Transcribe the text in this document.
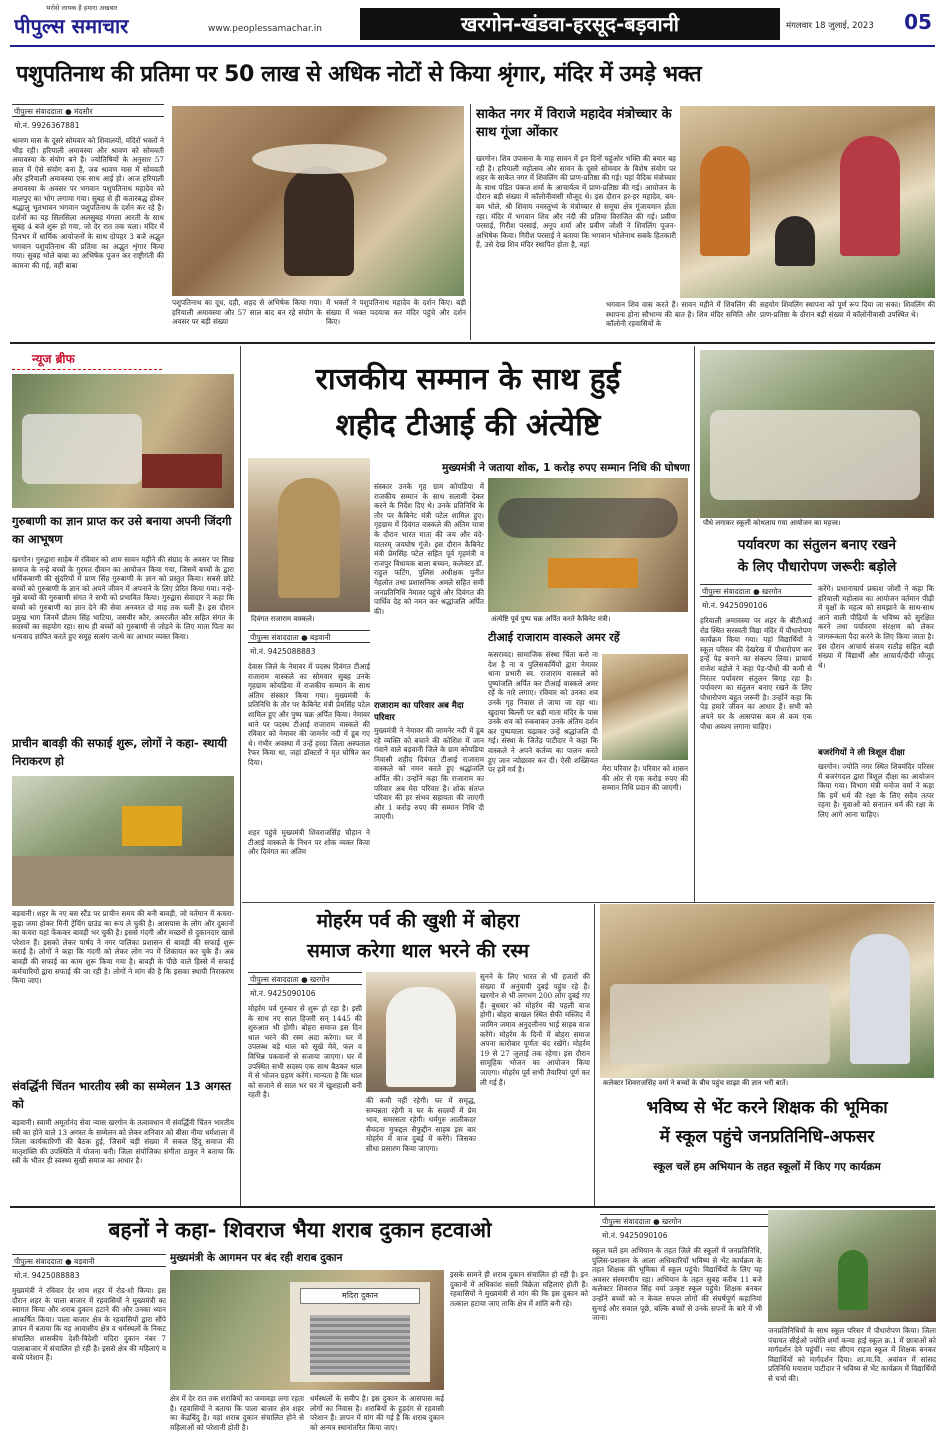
पीपुल्स समाचार
भरोसे लायक है हमारा अखबार
www.peoplessamachar.in	खरगोन-खंडवा-हरसूद-बड़वानी	मंगलवार 18 जुलाई, 2023	05
पशुपतिनाथ की प्रतिमा पर 50 लाख से अधिक नोटों से किया श्रृंगार, मंदिर में उमड़े भक्त
पीपुल्स संवाददाता ● मंदसौर
मो.नं. 9926367881
श्रावण मास के दूसरे सोमवार को शिवालयों, मंदिरों भक्तों ने भीड़ रही। हरियाली अमावस्या और श्रावण को सोमवती अमावस्या के संयोग बने है। ज्योतिषियों के अनुसार 57 साल में ऐसे संयोग बना है, जब श्रावण मास में सोमवती और हरियाली अमावस्या एक साथ आई हो। आज हरियाली अमावस्या के अवसर पर भगवान पशुपतिनाथ महादेव को मालपुए का भोग लगाया गया। सुबह से ही कतारबद्ध होकर श्रद्धालु भूतभावन भगवान पशुपतिनाथ के दर्शन कर रहे है। दर्शनों का यह सिलसिला अलसुबह मंगला आरती के साथ सुबह 4 बजे शुरू हो गया, जो देर रात तक चला। मंदिर में दिनभर में धार्मिक आयोजनों के साथ दोपहर 3 बजे अद्भुत भगवान पशुपतिनाथ की प्रतिमा का अद्भुत शृंगार किया गया। सुबह भोले बाबा का अभिषेक पूजन कर राष्ट्रीगंती की कामना की गई, वहीं बाबा
पशुपतिनाथ का दूध, दही, शहद से अभिषेक किया गया। हरियाली अमावस्या और 57 साल बाद बन रहे संयोग के अवसर पर बड़ी संख्या
में भक्तों ने पशुपतिनाथ महादेव के दर्शन किए। बड़ी संख्या में भक्त पदयात्रा कर मंदिर पहुंचे और दर्शन किए।
साकेत नगर में विराजे महादेव मंत्रोच्चार के साथ गूंजा ओंकार
खरगोन। शिव उपासना के माह सावन में इन दिनों चहुंओर भक्ति की बयार बह रही है। हरियाली महोत्सव और सावन के दूसरे सोमवार के विशेष संयोग पर शहर के साकेत नगर में शिवलिंग की प्राण-प्रतिष्ठा की गई। यहां वैदिक मंत्रोच्चार के साथ पंडित पंकज शर्मा के आचार्यत्व में प्राण-प्रतिष्ठा की गई। आयोजन के दौरान बड़ी संख्या में कॉलोनीवासी मौजूद थे। इस दौरान हर-हर महादेव, बम-बम भोले, श्री शिवाय नमस्तुभ्यं के मंत्रोच्चार से समूचा क्षेत्र गूंजायमान होता रहा। मंदिर में भगवान शिव और नंदी की प्रतिमा विराजित की गई। प्रवीण परसाई, गिरीश परसाई, अनूप शर्मा और प्रवीण जोशी ने शिवलिंग पूजन-अभिषेक किया। गिरीश परसाई ने बताया कि भगवान भोलेनाथ सबके हितकारी हैं, उसे देख शिव मंदिर स्थापित होता है, वहां
भगवान शिव वास करते हैं। सावन महीने में शिवलिंग की स्थापना होना सौभाग्य की बात है। शिव मंदिर समिति और कॉलोनी रहवासियों के
सहयोग शिवलिंग स्थापना को पूर्ण रूप दिया जा सका। शिवलिंग की प्राण-प्रतिष्ठा के दौरान बड़ी संख्या में कॉलोनीवासी उपस्थित थे।
न्यूज ब्रीफ
गुरुबाणी का ज्ञान प्राप्त कर उसे बनाया अपनी जिंदगी का आभूषण
खरगोन। गुरुद्वारा साहेब में रविवार को शाम सावन महीने की संग्राद के अवसर पर सिख समाज के नन्हे बच्चों के गुरमत दीवान का आयोजन किया गया, जिसमें बच्चों के द्वारा धर्मिकबाणी की सुंदरियों में प्राण सिंह गुरुबाणी के ज्ञान को प्रस्तुत किया। सबसे छोटे बच्चों को गुरुबाणी के ज्ञान को अपने जीवन में अपनाने के लिए प्रेरित किया गया। नन्हे-मुन्ने बच्चों की गुरुबाणी संगत ने सभी को प्रभावित किया। गुरुद्वारा सेवादार ने कहा कि बच्चों को गुरुबाणी का ज्ञान देने की सेवा अनवरत दो माह तक चली है। इस दौरान प्रमुख भाग जिनमें प्रीतम सिंह भाटिया, जसवीर कौर, अमरजीत कौर सहित संगत के सदस्यों का सहयोग रहा। साथ ही बच्चों को गुरुबाणी से जोड़ने के लिए माता पिता का धन्यवाद ज्ञापित करते हुए समूह सत्संग जत्थे का आभार व्यक्त किया।
प्राचीन बावड़ी की सफाई शुरू, लोगों ने कहा- स्थायी निराकरण हो
बड़वानी। शहर के नए बस स्टैंड पर प्राचीन समय की बनी बावड़ी, जो वर्तमान में कचरा-कूड़ा जमा होकर मिनी ट्रेंचिंग ग्राउंड का रूप ले चुकी है। आसपास के लोग और दुकानों का कचरा यहां फेंककर बावड़ी भर चुकी है। इससे गंदगी और मच्छरों से दुकानदार खासे परेशान हैं। इसको लेकर पार्षद ने नगर पालिका प्रशासन से बावड़ी की सफाई शुरू कराई है। लोगों ने कहा कि गंदगी को लेकर लोग नप में शिकायत कर चुके हैं। अब बावड़ी की सफाई का काम शुरू किया गया है। बावड़ी के पीछे वाले हिस्से में सफाई कर्मचारियों द्वारा सफाई की जा रही है। लोगों ने मांग की है कि इसका स्थायी निराकरण किया जाए।
संवर्द्धिनी चिंतन भारतीय स्त्री का सम्मेलन 13 अगस्त को
बड़वानी। स्वामी अमूर्तानंद सेवा न्यास खरगोन के तत्वावधान में संवर्द्धिनी चिंतन भारतीय स्त्री का होने वाले 13 अगस्त के सम्मेलन को लेकर शनिवार को बीसा नीमा धर्मशाला में जिला कार्यकारिणी की बैठक हुई, जिसमें बड़ी संख्या में सकल हिंदू समाज की मातृशक्ति की उपस्थिति में योजना बनी। जिला संयोजिका संगीता ठाकुर ने बताया कि स्त्री के भीतर ही स्वस्थ्य सुखी समाज का आधार है।
राजकीय सम्मान के साथ हुई
शहीद टीआई की अंत्येष्टि
दिवंगत राजाराम वास्कले।
मुख्यमंत्री ने जताया शोक, 1 करोड़ रुपए सम्मान निधि की घोषणा
संस्कार उनके गृह ग्राम कोयडिया में राजकीय सम्मान के साथ सलामी देकर करने के निर्देश दिए थे। उनके प्रतिनिधि के तौर पर कैबिनेट मंत्री पटेल शामिल हुए। गृहग्राम में दिवंगत वास्कले की अंतिम यात्रा के दौरान भारत माता की जय और वंदे-मातरम् जयघोष गूंजे। इस दौरान कैबिनेट मंत्री प्रेमसिंह पटेल सहित पूर्व गृहमंत्री व राजपुर विधायक बाला बच्चन, कलेक्टर डॉ. राहुल फटिंग, पुलिस अधीक्षक पुनीत गेहलोत तथा प्रशासनिक अमले सहित समी जनप्रतिनिधि नेमावर पहुंचे और दिवंगत की पार्थिव देह को नमन कर श्रद्धांजलि अर्पित की।
अंत्येष्टि पूर्व पुष्प चक्र अर्पित करते कैबिनेट मंत्री।
पीपुल्स संवाददाता ● बड़वानी
मो.नं. 9425088883
देवास जिले के नेमावर में पदस्थ दिवंगत टीआई राजाराम वास्कले का सोमवार सुबह उनके गृहग्राम कोयडिया में राजकीय सम्मान के साथ अंतिम संस्कार किया गया। मुख्यमंत्री के प्रतिनिधि के तौर पर कैबिनेट मंत्री प्रेमसिंह पटेल शामिल हुए और पुष्प चक्र अर्पित किया। नेमावर थाने पर पदस्थ टीआई राजाराम वास्कले की रविवार को नेमावर की जामनेर नदी में डूब गए थे। गंभीर अवस्था में उन्हें हरदा जिला अस्पताल रैफर किया था, जहां डॉक्टरों ने मृत घोषित कर दिया।
शहर पहुंचे मुख्यमंत्री शिवराजसिंह चौहान ने टीआई वास्कले के निधन पर शोक व्यक्त किया और दिवंगत का अंतिम
राजाराम का परिवार अब मैदा परिवार
मुख्यमंत्री ने नेमावर की जामनेर नदी में डूब रहे व्यक्ति को बचाने की कोशिश में जान गंवाने वाले बड़वानी जिले के ग्राम कोयडिया निवासी शहीद दिवंगत टीआई राजाराम वास्कले को नमन करते हुए श्रद्धांजलि अर्पित की। उन्होंने कहा कि राजाराम का परिवार अब मेरा परिवार है। शोक संतप्त परिवार की हर संभव सहायता की जाएगी और 1 करोड़ रुपए की सम्मान निधि दी जाएगी।
टीआई राजाराम वास्कले अमर रहें
कसरावद। सामाजिक संस्था चिंता करो ना देश है ना व पुलिसकर्मियों द्वारा नेमावर थाना प्रभारी स्व. राजाराम वास्कले को पुष्पांजलि अर्पित कर टीआई वास्कले अमर रहें के नारे लगाए। रविवार को उनका शव उनके गृह निवास ले जाया जा रहा था। खुदाया बिल्ली पर बड़ी माता मंदिर के पास उनके शव को रुकवाकर उनके अंतिम दर्शन कर पुष्पमाला चढ़ाकर उन्हें श्रद्धांजलि दी गई। संस्था के जितेंद्र पाटीदार ने कहा कि वास्कले ने अपने कर्तव्य का पालन करते हुए जान न्योछावर कर दी। ऐसी शख्सियत पर हमें गर्व है।	मेरा परिवार है। परिवार को शासन की ओर से एक करोड़ रुपए की सम्मान निधि प्रदान की जाएगी।
पौधे लगाकर स्कूली कोथलाय गया आयोजन का महत्त्व।
पर्यावरण का संतुलन बनाए रखने
के लिए पौधारोपण जरूरीः बड़ोले
पीपुल्स संवाददाता ● खरगोन
मो.नं. 9425090106
हरियाली अमावस्या पर शहर के बीटीआई रोड स्थित सरस्वती विद्या मंदिर में पौधारोपण कार्यक्रम किया गया। यहां विद्यार्थियों ने स्कूल परिसर की देखरेख में पौधारोपण कर इन्हें पेड़ बनाने का संकल्प लिया। प्राचार्य राजेश बड़ोले ने कहा पेड़-पौधों की कमी से निरंतर पर्यावरण संतुलन बिगड़ रहा है। पर्यावरण का संतुलन बनाए रखने के लिए पौधारोपण बहुत जरूरी है। उन्होंने कहा कि पेड़ हमारे जीवन का आधार हैं। सभी को अपने घर के आसपास कम से कम एक पौधा अवश्य लगाना चाहिए।
करेंगे। प्रधानाचार्य प्रकाश जोशी ने कहा कि हरियाली महोत्सव का आयोजन वर्तमान पीढ़ी में वृक्षों के महत्व को समझाने के साथ-साथ आने वाली पीढ़ियों के भविष्य को सुरक्षित करने तथा पर्यावरण संरक्षण को लेकर जागरूकता पैदा करने के लिए किया जाता है। इस दौरान आचार्य संजय राठौड़ सहित बड़ी संख्या में विद्यार्थी और आचार्य/दीदी मौजूद थे।
बजरंगियों ने ली त्रिशूल दीक्षा
खरगोन। ज्योति नगर स्थित शिवमंदिर परिसर में बजरंगदल द्वारा त्रिशूल दीक्षा का आयोजन किया गया। विभाग मंत्री मनोज वर्मा ने कहा कि हमें धर्म की रक्षा के लिए सदैव तत्पर रहना है। युवाओं को सनातन धर्म की रक्षा के लिए आगे आना चाहिए।
मोहर्रम पर्व की खुशी में बोहरा
समाज करेगा थाल भरने की रस्म
पीपुल्स संवाददाता ● खरगोन
मो.नं. 9425090106
मोहर्रम पर्व गुरुवार से शुरू हो रहा है। इसी के साथ नए साल हिजरी सन् 1445 की शुरुआत भी होगी। बोहरा समाज इस दिन थाल भरने की रस्म अदा करेगा। घर में उपलब्ध बड़े थाल को सूखे मेवे, फल व विभिन्न पकवानों से सजाया जाएगा। घर में उपस्थित सभी सदस्य एक साथ बैठकर थाल में से भोजन ग्रहण करेंगे। मान्यता है कि थाल को सजाने से साल भर घर में खुशहाली बनी रहती है।
की कमी नहीं रहेगी। घर में समृद्ध, सम्पन्नता रहेगी व घर के सदस्यों में प्रेम भाव, समरसता रहेगी। धर्मगुरु आलीकदर सैयदना मुफद्दल सैफुद्दीन साहब इस बार मोहर्रम में वाज दुबई में करेंगे। जिसका सीधा प्रसारण किया जाएगा।
सुनने के लिए भारत से भी हजारों की संख्या में अनुयायी दुबई पहुंच रहे हैं। खरगोन से भी लगभग 200 लोग दुबई गए हैं। बुधवार को मोहर्रम की पहली वाज होगी। बोहरा बाखल स्थित सैफी मस्जिद में जामिन जमाव अनुदत्तीनय भाई साहब वाज करेंगे। मोहर्रम के दिनों में बोहरा समाज अपना कारोबार पूर्णतः बंद रखेंगे। मोहर्रम 19 से 27 जुलाई तक रहेगा। इस दौरान सामूहिक भोजन का आयोजन किया जाएगा। मोहर्रम पूर्व सभी तैयारियां पूर्ण कर ली गई हैं।	कलेक्टर शिवराजसिंह वर्मा ने बच्चों के बीच पहुंच साझा की ज्ञान भरी बातें।
भविष्य से भेंट करने शिक्षक की भूमिका
में स्कूल पहुंचे जनप्रतिनिधि-अफसर
स्कूल चलें हम अभियान के तहत स्कूलों में किए गए कार्यक्रम
पीपुल्स संवाददाता ● खरगोन
मो.नं. 9425090106
स्कूल चलें हम अभियान के तहत जिले की स्कूलों में जनप्रतिनिधि, पुलिस-प्रशासन के आला अधिकारियों भविष्य से भेंट कार्यक्रम के तहत शिक्षक की भूमिका में स्कूल पहुंचे। विद्यार्थियों के लिए यह अवसर संस्मरणीय रहा। अभियान के तहत सुबह करीब 11 बजे कलेक्टर शिवराज सिंह वर्मा उत्कृष्ट स्कूल पहुंचे। शिक्षक बनकर उन्होंने बच्चों को न केवल सफल लोगों की संघर्षपूर्ण कहानियां सुनाई और सवाल पूछे, बल्कि बच्चों से उनके सपनों के बारे में भी जाना।
जनप्रतिनिधियों के साथ स्कूल परिसर में पौधारोपण किया। जिला पंचायत सीईओ ज्योति शर्मा कन्या हाई स्कूल क्र.1 में छात्राओं को मार्गदर्शन देने पहुंचीं। नया सीएम राइज स्कूल में शिक्षक बनकर विद्यार्थियों को मार्गदर्शन दिया। शा.मा.वि. अवांवन में सांसद प्रतिनिधि मयाराम पाटीदार ने भविष्य से भेंट कार्यक्रम में विद्यार्थियों से चर्चा की।
बहनों ने कहा- शिवराज भैया शराब दुकान हटवाओ
मुख्यमंत्री के आगमन पर बंद रही शराब दुकान
पीपुल्स संवाददाता ● बड़वानी
मो.नं. 9425088883
मुख्यमंत्री ने रविवार देर शाम शहर में रोड-शो किया। इस दौरान शहर के पाला बाजार में रहवासियों ने मुख्यमंत्री का स्वागत किया और शराब दुकान हटाने की और उनका ध्यान आकर्षित किया। पाला बाजार क्षेत्र के रहवासियों द्वारा सौंपे ज्ञापन में बताया कि यह आवासीय क्षेत्र व धर्मस्थलों के निकट संचालित शासकीय देशी-विदेशी मदिरा दुकान नंबर 7 पालाबाजार में संचालित हो रही है। इससे क्षेत्र की महिलाएं व बच्चे परेशान हैं।
मदिरा दुकान
क्षेत्र में देर रात तक शराबियों का जमावड़ा लगा रहता है। रहवासियों ने बताया कि पाला बाजार क्षेत्र शहर का केंद्रबिंदु है। यहां शराब दुकान संचालित होने से महिलाओं को परेशानी होती है।
धर्मस्थलों के समीप है। इस दुकान के आसपास कई लोगों का निवास है। शराबियों के हुड़दंग से रहवासी परेशान हैं। ज्ञापन में मांग की गई है कि शराब दुकान को अन्यत्र स्थानांतरित किया जाए।
इसके सामने ही शराब दुकान संचालित हो रही है। इन दुकानों में अधिकांश सस्ती विक्रेता महिलाएं होती हैं। रहवासियों ने मुख्यमंत्री से मांग की कि इस दुकान को तत्काल हटाया जाए ताकि क्षेत्र में शांति बनी रहे।
